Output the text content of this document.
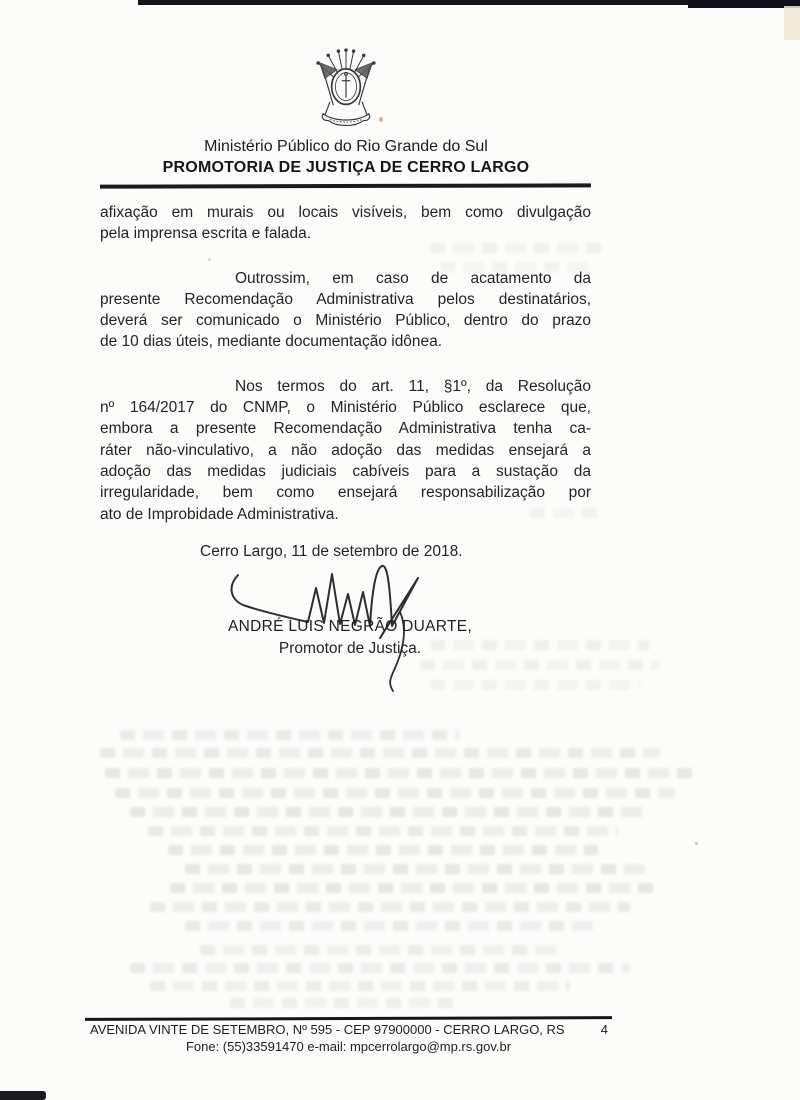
Ministério Público do Rio Grande do Sul
PROMOTORIA DE JUSTIÇA DE CERRO LARGO
afixação em murais ou locais visíveis, bem como divulgação
pela imprensa escrita e falada.
Outrossim, em caso de acatamento da
presente Recomendação Administrativa pelos destinatários,
deverá ser comunicado o Ministério Público, dentro do prazo
de 10 dias úteis, mediante documentação idônea.
Nos termos do art. 11, §1º, da Resolução
nº 164/2017 do CNMP, o Ministério Público esclarece que,
embora a presente Recomendação Administrativa tenha ca-
ráter não-vinculativo, a não adoção das medidas ensejará a
adoção das medidas judiciais cabíveis para a sustação da
irregularidade, bem como ensejará responsabilização por
ato de Improbidade Administrativa.
Cerro Largo, 11 de setembro de 2018.
ANDRÉ LUIS NEGRÃO DUARTE,
Promotor de Justiça.
AVENIDA VINTE DE SETEMBRO, Nº 595 - CEP 97900000 - CERRO LARGO, RS	4
Fone: (55)33591470 e-mail: mpcerrolargo@mp.rs.gov.br
